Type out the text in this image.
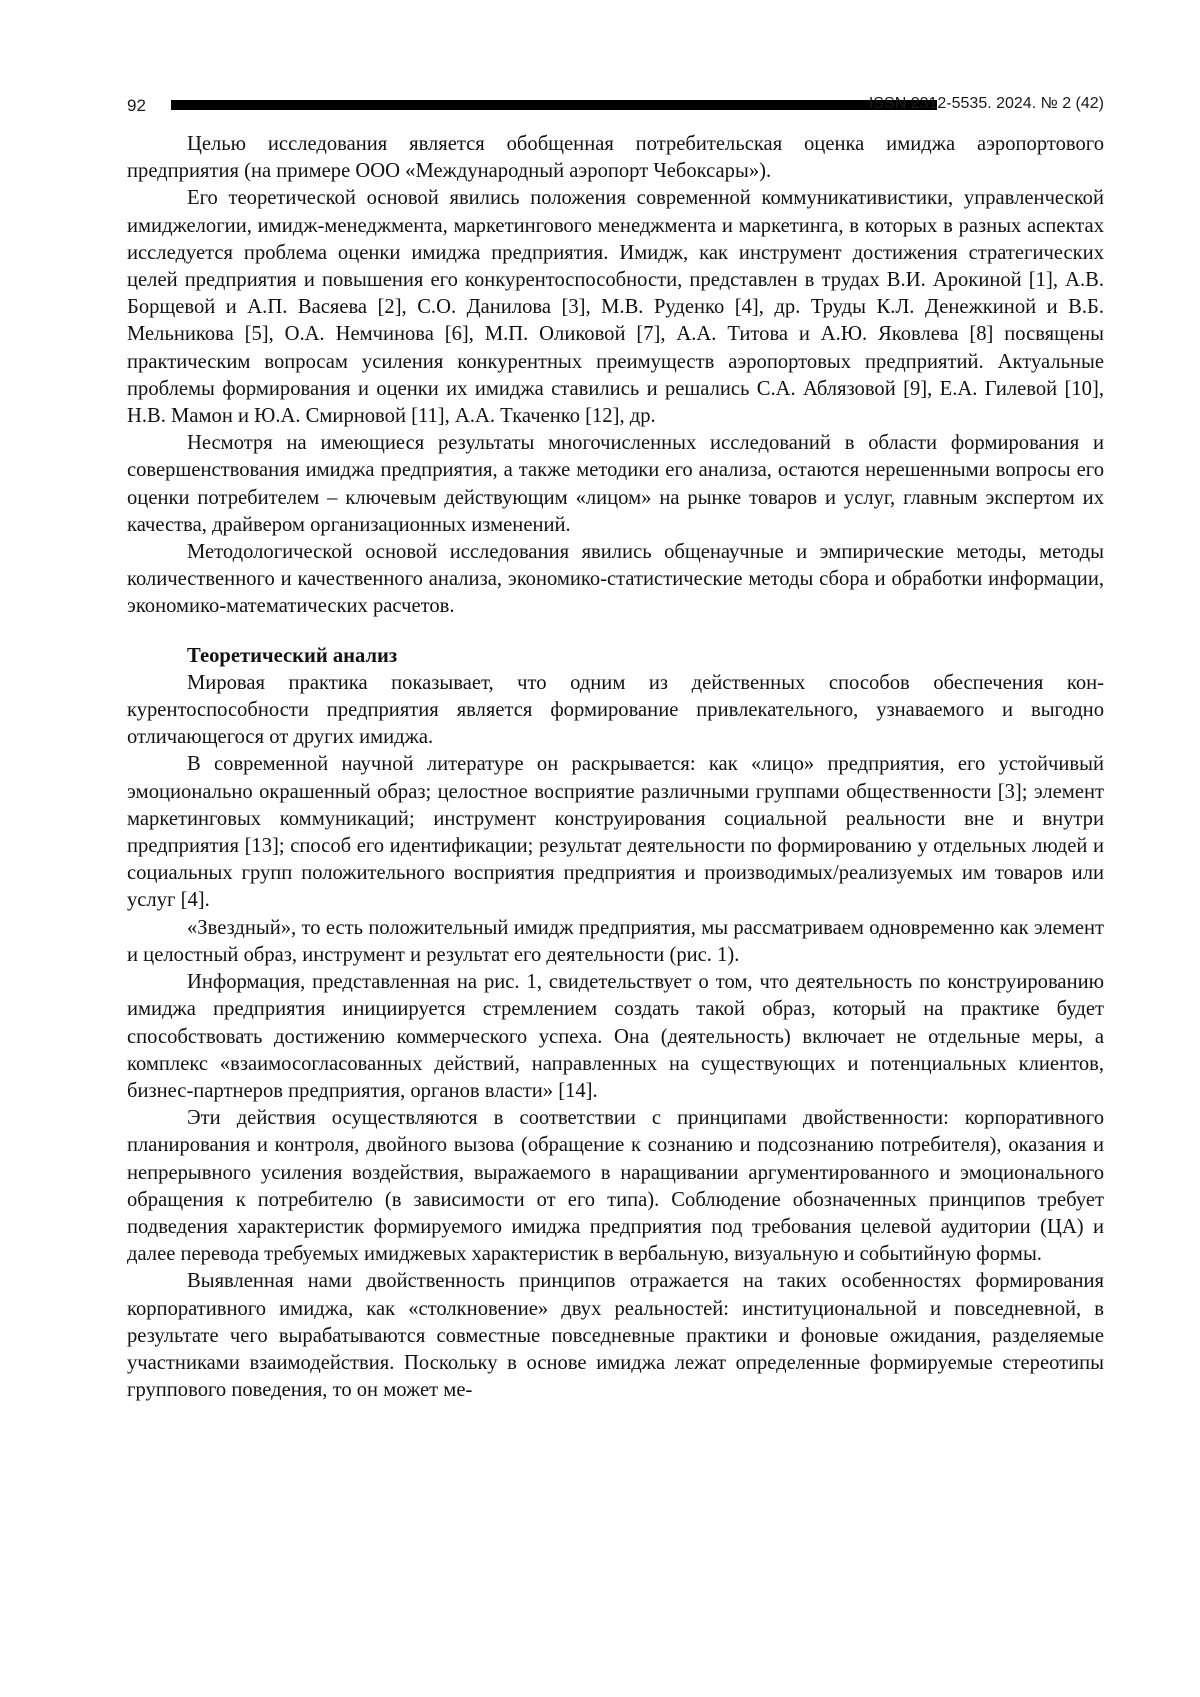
92	ISSN 2312-5535. 2024. № 2 (42)

Целью исследования является обобщенная потребительская оценка имиджа аэропортового предприятия (на примере ООО «Международный аэропорт Чебоксары»).

Его теоретической основой явились положения современной коммуникативистики, управленческой имиджелогии, имидж-менеджмента, маркетингового менеджмента и маркетинга, в которых в разных аспектах исследуется проблема оценки имиджа предприятия. Имидж, как инструмент достижения стратегических целей предприятия и повышения его конкурентоспособности, представлен в трудах В.И. Арокиной [1], А.В. Борщевой и А.П. Васяева [2], С.О. Данилова [3], М.В. Руденко [4], др. Труды К.Л. Денежкиной и В.Б. Мельникова [5], О.А. Немчинова [6], М.П. Оликовой [7], А.А. Титова и А.Ю. Яковлева [8] посвящены практическим вопросам усиления конкурентных преимуществ аэропортовых предприятий. Актуальные проблемы формирования и оценки их имиджа ставились и решались С.А. Аблязовой [9], Е.А. Гилевой [10], Н.В. Мамон и Ю.А. Смирновой [11], А.А. Ткаченко [12], др.

Несмотря на имеющиеся результаты многочисленных исследований в области формирования и совершенствования имиджа предприятия, а также методики его анализа, остаются нерешенными вопросы его оценки потребителем – ключевым действующим «лицом» на рынке товаров и услуг, главным экспертом их качества, драйвером организационных изменений.

Методологической основой исследования явились общенаучные и эмпирические методы, методы количественного и качественного анализа, экономико-статистические методы сбора и обработки информации, экономико-математических расчетов.

Теоретический анализ

Мировая практика показывает, что одним из действенных способов обеспечения конкурентоспособности предприятия является формирование привлекательного, узнаваемого и выгодно отличающегося от других имиджа.

В современной научной литературе он раскрывается: как «лицо» предприятия, его устойчивый эмоционально окрашенный образ; целостное восприятие различными группами общественности [3]; элемент маркетинговых коммуникаций; инструмент конструирования социальной реальности вне и внутри предприятия [13]; способ его идентификации; результат деятельности по формированию у отдельных людей и социальных групп положительного восприятия предприятия и производимых/реализуемых им товаров или услуг [4].

«Звездный», то есть положительный имидж предприятия, мы рассматриваем одновременно как элемент и целостный образ, инструмент и результат его деятельности (рис. 1).

Информация, представленная на рис. 1, свидетельствует о том, что деятельность по конструированию имиджа предприятия инициируется стремлением создать такой образ, который на практике будет способствовать достижению коммерческого успеха. Она (деятельность) включает не отдельные меры, а комплекс «взаимосогласованных действий, направленных на существующих и потенциальных клиентов, бизнес-партнеров предприятия, органов власти» [14].

Эти действия осуществляются в соответствии с принципами двойственности: корпоративного планирования и контроля, двойного вызова (обращение к сознанию и подсознанию потребителя), оказания и непрерывного усиления воздействия, выражаемого в наращивании аргументированного и эмоционального обращения к потребителю (в зависимости от его типа). Соблюдение обозначенных принципов требует подведения характеристик формируемого имиджа предприятия под требования целевой аудитории (ЦА) и далее перевода требуемых имиджевых характеристик в вербальную, визуальную и событийную формы.

Выявленная нами двойственность принципов отражается на таких особенностях формирования корпоративного имиджа, как «столкновение» двух реальностей: институциональной и повседневной, в результате чего вырабатываются совместные повседневные практики и фоновые ожидания, разделяемые участниками взаимодействия. Поскольку в основе имиджа лежат определенные формируемые стереотипы группового поведения, то он может ме-
